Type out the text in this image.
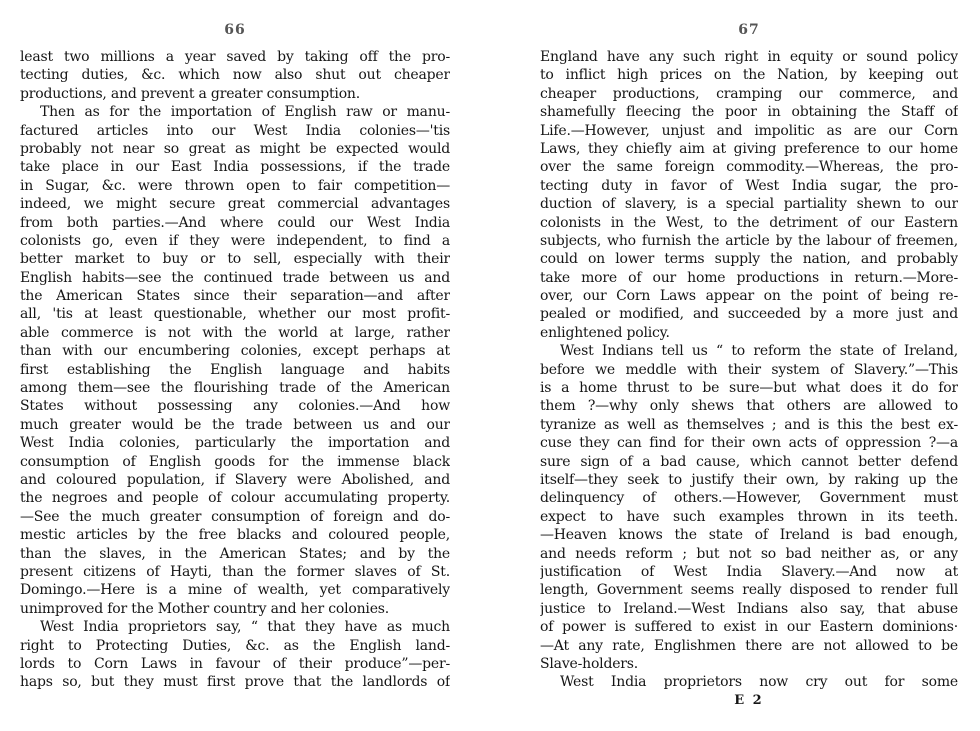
66
least two millions a year saved by taking off the pro-
tecting duties, &c. which now also shut out cheaper
productions, and prevent a greater consumption.
Then as for the importation of English raw or manu-
factured articles into our West India colonies—'tis
probably not near so great as might be expected would
take place in our East India possessions, if the trade
in Sugar, &c. were thrown open to fair competition—
indeed, we might secure great commercial advantages
from both parties.—And where could our West India
colonists go, even if they were independent, to find a
better market to buy or to sell, especially with their
English habits—see the continued trade between us and
the American States since their separation—and after
all, 'tis at least questionable, whether our most profit-
able commerce is not with the world at large, rather
than with our encumbering colonies, except perhaps at
first establishing the English language and habits
among them—see the flourishing trade of the American
States without possessing any colonies.—And how
much greater would be the trade between us and our
West India colonies, particularly the importation and
consumption of English goods for the immense black
and coloured population, if Slavery were Abolished, and
the negroes and people of colour accumulating property.
—See the much greater consumption of foreign and do-
mestic articles by the free blacks and coloured people,
than the slaves, in the American States; and by the
present citizens of Hayti, than the former slaves of St.
Domingo.—Here is a mine of wealth, yet comparatively
unimproved for the Mother country and her colonies.
West India proprietors say, “ that they have as much
right to Protecting Duties, &c. as the English land-
lords to Corn Laws in favour of their produce”—per-
haps so, but they must first prove that the landlords of
67
England have any such right in equity or sound policy
to inflict high prices on the Nation, by keeping out
cheaper productions, cramping our commerce, and
shamefully fleecing the poor in obtaining the Staff of
Life.—However, unjust and impolitic as are our Corn
Laws, they chiefly aim at giving preference to our home
over the same foreign commodity.—Whereas, the pro-
tecting duty in favor of West India sugar, the pro-
duction of slavery, is a special partiality shewn to our
colonists in the West, to the detriment of our Eastern
subjects, who furnish the article by the labour of freemen,
could on lower terms supply the nation, and probably
take more of our home productions in return.—More-
over, our Corn Laws appear on the point of being re-
pealed or modified, and succeeded by a more just and
enlightened policy.
West Indians tell us “ to reform the state of Ireland,
before we meddle with their system of Slavery.”—This
is a home thrust to be sure—but what does it do for
them ?—why only shews that others are allowed to
tyranize as well as themselves ; and is this the best ex-
cuse they can find for their own acts of oppression ?—a
sure sign of a bad cause, which cannot better defend
itself—they seek to justify their own, by raking up the
delinquency of others.—However, Government must
expect to have such examples thrown in its teeth.
—Heaven knows the state of Ireland is bad enough,
and needs reform ; but not so bad neither as, or any
justification of West India Slavery.—And now at
length, Government seems really disposed to render full
justice to Ireland.—West Indians also say, that abuse
of power is suffered to exist in our Eastern dominions·
—At any rate, Englishmen there are not allowed to be
Slave-holders.
West India proprietors now cry out for some
E 2
